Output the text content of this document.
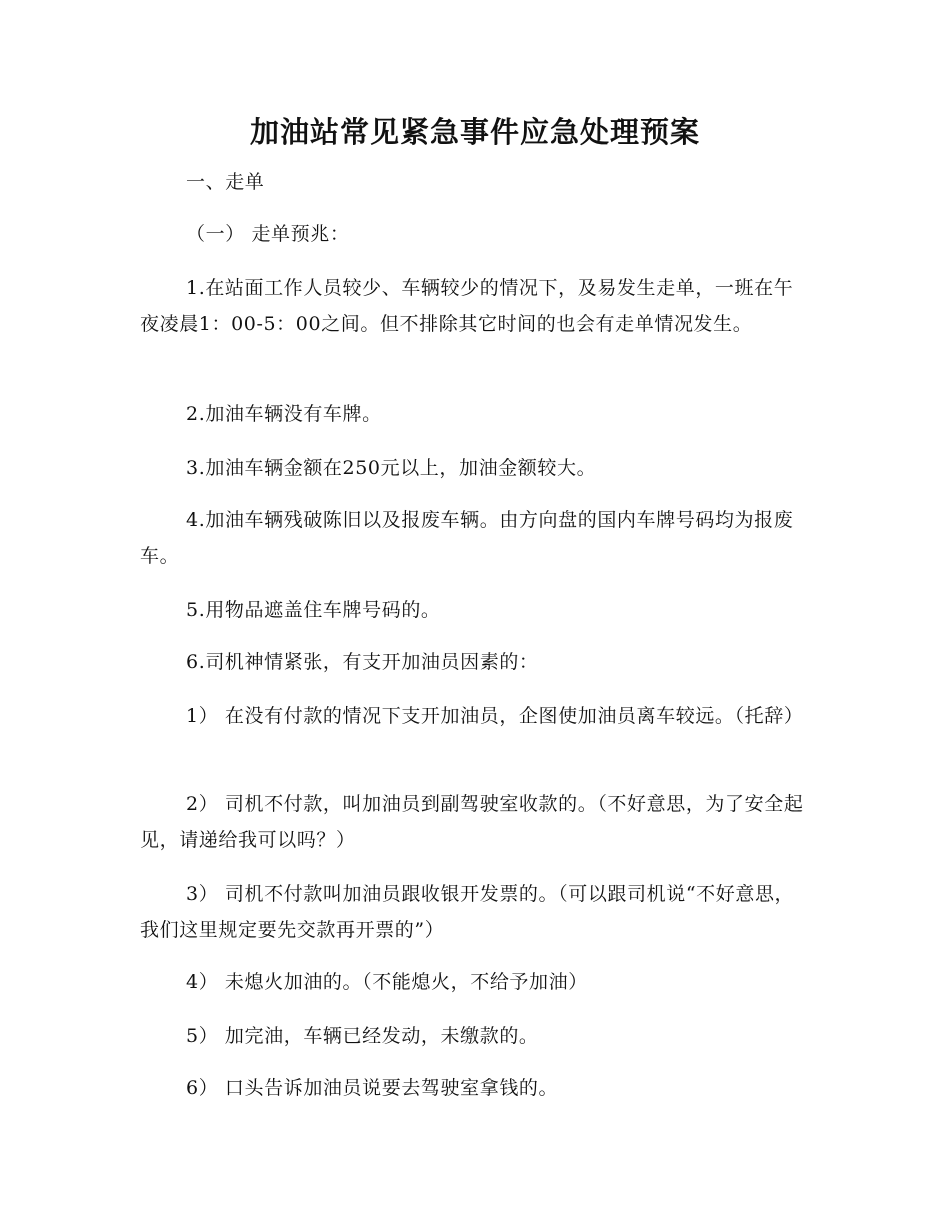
加油站常见紧急事件应急处理预案

一、走单

（一） 走单预兆：

1.在站面工作人员较少、车辆较少的情况下，及易发生走单，一班在午夜凌晨1：00-5：00之间。但不排除其它时间的也会有走单情况发生。

2.加油车辆没有车牌。

3.加油车辆金额在250元以上，加油金额较大。

4.加油车辆残破陈旧以及报废车辆。由方向盘的国内车牌号码均为报废车。

5.用物品遮盖住车牌号码的。

6.司机神情紧张，有支开加油员因素的：

1） 在没有付款的情况下支开加油员，企图使加油员离车较远。（托辞）

2） 司机不付款，叫加油员到副驾驶室收款的。（不好意思，为了安全起见，请递给我可以吗？）

3） 司机不付款叫加油员跟收银开发票的。（可以跟司机说“不好意思，我们这里规定要先交款再开票的”）

4） 未熄火加油的。（不能熄火，不给予加油）

5） 加完油，车辆已经发动，未缴款的。

6） 口头告诉加油员说要去驾驶室拿钱的。
